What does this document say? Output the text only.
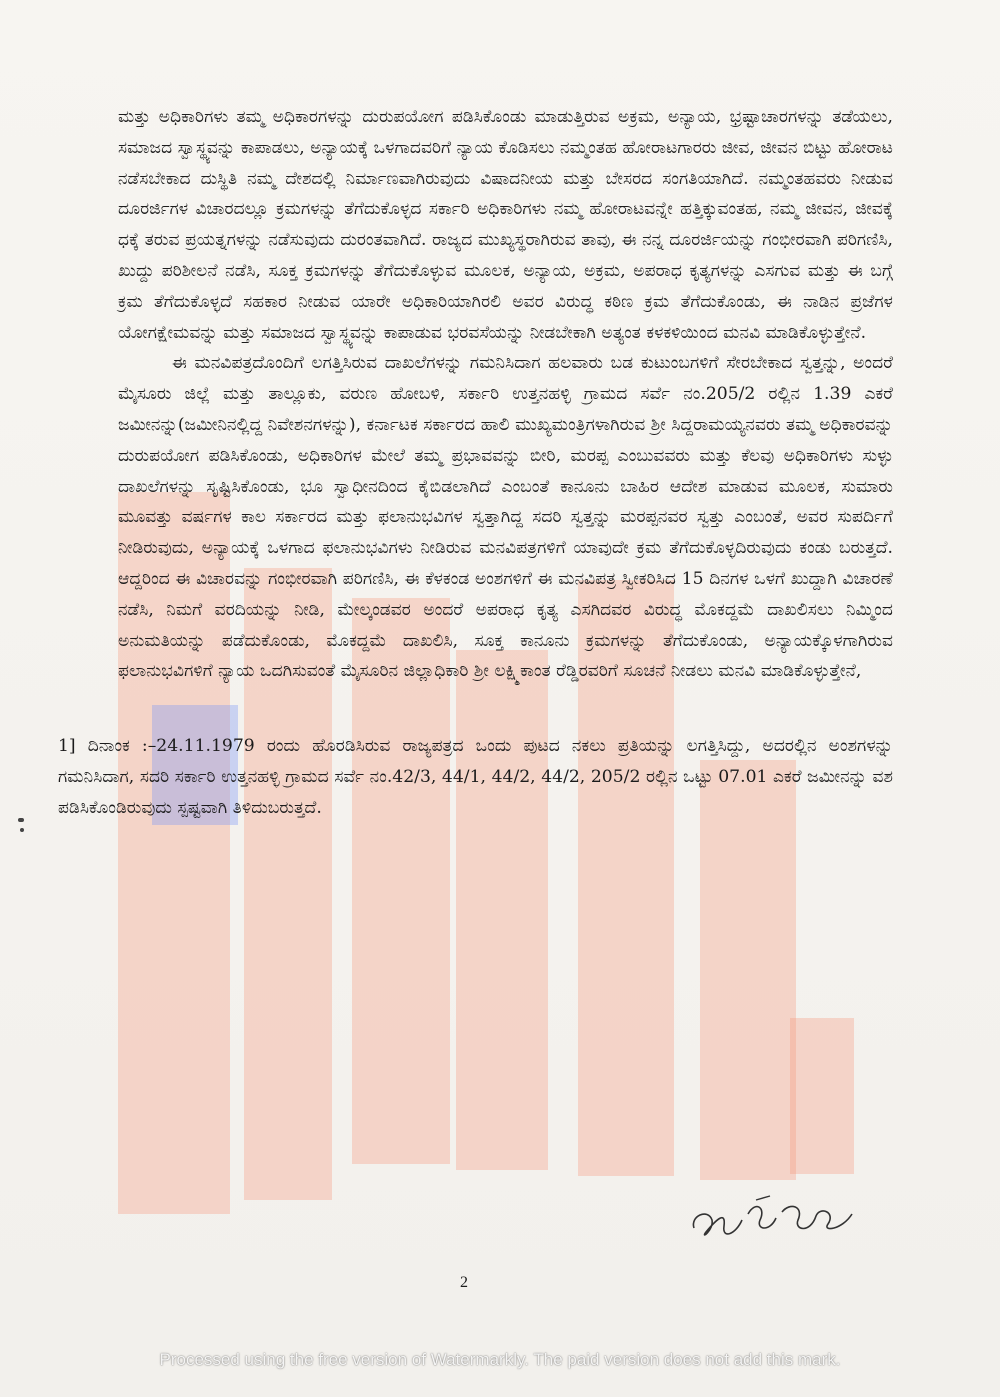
ಮತ್ತು ಅಧಿಕಾರಿಗಳು ತಮ್ಮ ಅಧಿಕಾರಗಳನ್ನು ದುರುಪಯೋಗ ಪಡಿಸಿಕೊಂಡು ಮಾಡುತ್ತಿರುವ ಅಕ್ರಮ, ಅನ್ಯಾಯ, ಭ್ರಷ್ಟಾಚಾರಗಳನ್ನು ತಡೆಯಲು, ಸಮಾಜದ ಸ್ವಾಸ್ಥ್ಯವನ್ನು ಕಾಪಾಡಲು, ಅನ್ಯಾಯಕ್ಕೆ ಒಳಗಾದವರಿಗೆ ನ್ಯಾಯ ಕೊಡಿಸಲು ನಮ್ಮಂತಹ ಹೋರಾಟಗಾರರು ಜೀವ, ಜೀವನ ಬಿಟ್ಟು ಹೋರಾಟ ನಡೆಸಬೇಕಾದ ದುಸ್ಥಿತಿ ನಮ್ಮ ದೇಶದಲ್ಲಿ ನಿರ್ಮಾಣವಾಗಿರುವುದು ವಿಷಾದನೀಯ ಮತ್ತು ಬೇಸರದ ಸಂಗತಿಯಾಗಿದೆ. ನಮ್ಮಂತಹವರು ನೀಡುವ ದೂರರ್ಜಿಗಳ ವಿಚಾರದಲ್ಲೂ ಕ್ರಮಗಳನ್ನು ತೆಗೆದುಕೊಳ್ಳದ ಸರ್ಕಾರಿ ಅಧಿಕಾರಿಗಳು ನಮ್ಮ ಹೋರಾಟವನ್ನೇ ಹತ್ತಿಕ್ಕುವಂತಹ, ನಮ್ಮ ಜೀವನ, ಜೀವಕ್ಕೆ ಧಕ್ಕೆ ತರುವ ಪ್ರಯತ್ನಗಳನ್ನು ನಡೆಸುವುದು ದುರಂತವಾಗಿದೆ. ರಾಜ್ಯದ ಮುಖ್ಯಸ್ಥರಾಗಿರುವ ತಾವು, ಈ ನನ್ನ ದೂರರ್ಜಿಯನ್ನು ಗಂಭೀರವಾಗಿ ಪರಿಗಣಿಸಿ, ಖುದ್ದು ಪರಿಶೀಲನೆ ನಡೆಸಿ, ಸೂಕ್ತ ಕ್ರಮಗಳನ್ನು ತೆಗೆದುಕೊಳ್ಳುವ ಮೂಲಕ, ಅನ್ಯಾಯ, ಅಕ್ರಮ, ಅಪರಾಧ ಕೃತ್ಯಗಳನ್ನು ಎಸಗುವ ಮತ್ತು ಈ ಬಗ್ಗೆ ಕ್ರಮ ತೆಗೆದುಕೊಳ್ಳದೆ ಸಹಕಾರ ನೀಡುವ ಯಾರೇ ಅಧಿಕಾರಿಯಾಗಿರಲಿ ಅವರ ವಿರುದ್ಧ ಕಠಿಣ ಕ್ರಮ ತೆಗೆದುಕೊಂಡು, ಈ ನಾಡಿನ ಪ್ರಜೆಗಳ ಯೋಗಕ್ಷೇಮವನ್ನು ಮತ್ತು ಸಮಾಜದ ಸ್ವಾಸ್ಥ್ಯವನ್ನು ಕಾಪಾಡುವ ಭರವಸೆಯನ್ನು ನೀಡಬೇಕಾಗಿ ಅತ್ಯಂತ ಕಳಕಳಿಯಿಂದ ಮನವಿ ಮಾಡಿಕೊಳ್ಳುತ್ತೇನೆ.

ಈ ಮನವಿಪತ್ರದೊಂದಿಗೆ ಲಗತ್ತಿಸಿರುವ ದಾಖಲೆಗಳನ್ನು ಗಮನಿಸಿದಾಗ ಹಲವಾರು ಬಡ ಕುಟುಂಬಗಳಿಗೆ ಸೇರಬೇಕಾದ ಸ್ವತ್ತನ್ನು, ಅಂದರೆ ಮೈಸೂರು ಜಿಲ್ಲೆ ಮತ್ತು ತಾಲ್ಲೂಕು, ವರುಣ ಹೋಬಳಿ, ಸರ್ಕಾರಿ ಉತ್ತನಹಳ್ಳಿ ಗ್ರಾಮದ ಸರ್ವೆ ನಂ.205/2 ರಲ್ಲಿನ 1.39 ಎಕರೆ ಜಮೀನನ್ನು(ಜಮೀನಿನಲ್ಲಿದ್ದ ನಿವೇಶನಗಳನ್ನು), ಕರ್ನಾಟಕ ಸರ್ಕಾರದ ಹಾಲಿ ಮುಖ್ಯಮಂತ್ರಿಗಳಾಗಿರುವ ಶ್ರೀ ಸಿದ್ದರಾಮಯ್ಯನವರು ತಮ್ಮ ಅಧಿಕಾರವನ್ನು ದುರುಪಯೋಗ ಪಡಿಸಿಕೊಂಡು, ಅಧಿಕಾರಿಗಳ ಮೇಲೆ ತಮ್ಮ ಪ್ರಭಾವವನ್ನು ಬೀರಿ, ಮರಪ್ಪ ಎಂಬುವವರು ಮತ್ತು ಕೆಲವು ಅಧಿಕಾರಿಗಳು ಸುಳ್ಳು ದಾಖಲೆಗಳನ್ನು ಸೃಷ್ಟಿಸಿಕೊಂಡು, ಭೂ ಸ್ವಾಧೀನದಿಂದ ಕೈಬಿಡಲಾಗಿದೆ ಎಂಬಂತೆ ಕಾನೂನು ಬಾಹಿರ ಆದೇಶ ಮಾಡುವ ಮೂಲಕ, ಸುಮಾರು ಮೂವತ್ತು ವರ್ಷಗಳ ಕಾಲ ಸರ್ಕಾರದ ಮತ್ತು ಫಲಾನುಭವಿಗಳ ಸ್ವತ್ತಾಗಿದ್ದ ಸದರಿ ಸ್ವತ್ತನ್ನು ಮರಪ್ಪನವರ ಸ್ವತ್ತು ಎಂಬಂತೆ, ಅವರ ಸುಪರ್ದಿಗೆ ನೀಡಿರುವುದು, ಅನ್ಯಾಯಕ್ಕೆ ಒಳಗಾದ ಫಲಾನುಭವಿಗಳು ನೀಡಿರುವ ಮನವಿಪತ್ರಗಳಿಗೆ ಯಾವುದೇ ಕ್ರಮ ತೆಗೆದುಕೊಳ್ಳದಿರುವುದು ಕಂಡು ಬರುತ್ತದೆ. ಆದ್ದರಿಂದ ಈ ವಿಚಾರವನ್ನು ಗಂಭೀರವಾಗಿ ಪರಿಗಣಿಸಿ, ಈ ಕೆಳಕಂಡ ಅಂಶಗಳಿಗೆ ಈ ಮನವಿಪತ್ರ ಸ್ವೀಕರಿಸಿದ 15 ದಿನಗಳ ಒಳಗೆ ಖುದ್ದಾಗಿ ವಿಚಾರಣೆ ನಡೆಸಿ, ನಿಮಗೆ ವರದಿಯನ್ನು ನೀಡಿ, ಮೇಲ್ಕಂಡವರ ಅಂದರೆ ಅಪರಾಧ ಕೃತ್ಯ ಎಸಗಿದವರ ವಿರುದ್ಧ ಮೊಕದ್ದಮೆ ದಾಖಲಿಸಲು ನಿಮ್ಮಿಂದ ಅನುಮತಿಯನ್ನು ಪಡೆದುಕೊಂಡು, ಮೊಕದ್ದಮೆ ದಾಖಲಿಸಿ, ಸೂಕ್ತ ಕಾನೂನು ಕ್ರಮಗಳನ್ನು ತೆಗೆದುಕೊಂಡು, ಅನ್ಯಾಯಕ್ಕೊಳಗಾಗಿರುವ ಫಲಾನುಭವಿಗಳಿಗೆ ನ್ಯಾಯ ಒದಗಿಸುವಂತೆ ಮೈಸೂರಿನ ಜಿಲ್ಲಾಧಿಕಾರಿ ಶ್ರೀ ಲಕ್ಷ್ಮಿಕಾಂತ ರೆಡ್ಡಿರವರಿಗೆ ಸೂಚನೆ ನೀಡಲು ಮನವಿ ಮಾಡಿಕೊಳ್ಳುತ್ತೇನೆ,

1] ದಿನಾಂಕ :–24.11.1979 ರಂದು ಹೊರಡಿಸಿರುವ ರಾಜ್ಯಪತ್ರದ ಒಂದು ಪುಟದ ನಕಲು ಪ್ರತಿಯನ್ನು ಲಗತ್ತಿಸಿದ್ದು, ಅದರಲ್ಲಿನ ಅಂಶಗಳನ್ನು ಗಮನಿಸಿದಾಗ, ಸದರಿ ಸರ್ಕಾರಿ ಉತ್ತನಹಳ್ಳಿ ಗ್ರಾಮದ ಸರ್ವೆ ನಂ.42/3, 44/1, 44/2, 44/2, 205/2 ರಲ್ಲಿನ ಒಟ್ಟು 07.01 ಎಕರೆ ಜಮೀನನ್ನು ವಶ ಪಡಿಸಿಕೊಂಡಿರುವುದು ಸ್ಪಷ್ಟವಾಗಿ ತಿಳಿದುಬರುತ್ತದೆ.

2
Processed using the free version of Watermarkly. The paid version does not add this mark.
